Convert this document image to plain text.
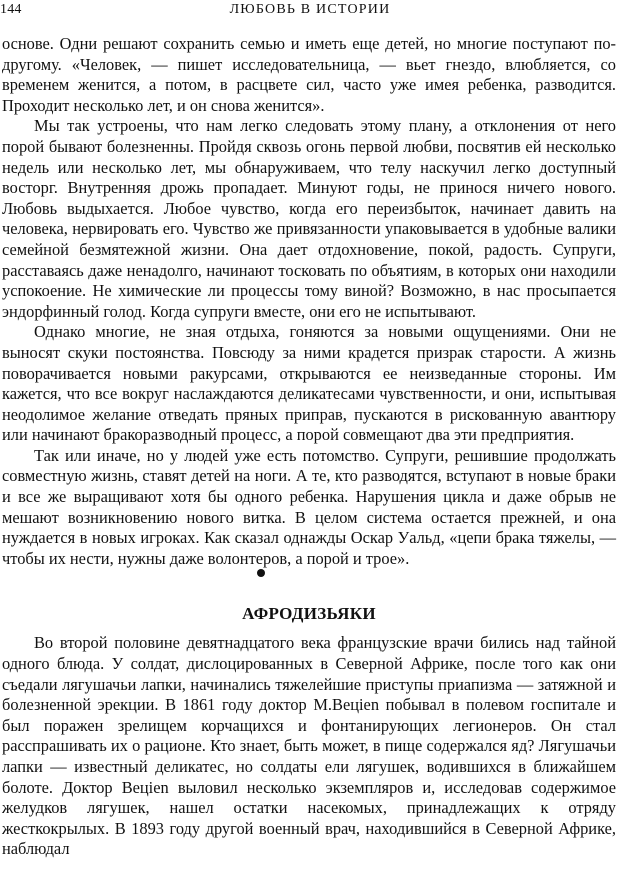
144	ЛЮБОВЬ В ИСТОРИИ

основе. Одни решают сохранить семью и иметь еще детей, но многие поступают по-другому. «Человек, — пишет исследовательница, — вьет гнездо, влюбляется, со временем женится, а потом, в расцвете сил, часто уже имея ребенка, разводится. Проходит несколько лет, и он снова женится».

Мы так устроены, что нам легко следовать этому плану, а отклонения от него порой бывают болезненны. Пройдя сквозь огонь первой любви, посвятив ей несколько недель или несколько лет, мы обнаруживаем, что телу наскучил легко доступный восторг. Внутренняя дрожь пропадает. Минуют годы, не принося ничего нового. Любовь выдыхается. Любое чувство, когда его переизбыток, начинает давить на человека, нервировать его. Чувство же привязанности упаковывается в удобные валики семейной безмятежной жизни. Она дает отдохновение, покой, радость. Супруги, расставаясь даже ненадолго, начинают тосковать по объятиям, в которых они находили успокоение. Не химические ли процессы тому виной? Возможно, в нас просыпается эндорфинный голод. Когда супруги вместе, они его не испытывают.

Однако многие, не зная отдыха, гоняются за новыми ощущениями. Они не выносят скуки постоянства. Повсюду за ними крадется призрак старости. А жизнь поворачивается новыми ракурсами, открываются ее неизведанные стороны. Им кажется, что все вокруг наслаждаются деликатесами чувственности, и они, испытывая неодолимое желание отведать пряных приправ, пускаются в рискованную авантюру или начинают бракоразводный процесс, а порой совмещают два эти предприятия.

Так или иначе, но у людей уже есть потомство. Супруги, решившие продолжать совместную жизнь, ставят детей на ноги. А те, кто разводятся, вступают в новые браки и все же выращивают хотя бы одного ребенка. Нарушения цикла и даже обрыв не мешают возникновению нового витка. В целом система остается прежней, и она нуждается в новых игроках. Как сказал однажды Оскар Уальд, «цепи брака тяжелы, — чтобы их нести, нужны даже волонтеров, а порой и трое».

АФРОДИЗЬЯКИ

Во второй половине девятнадцатого века французские врачи бились над тайной одного блюда. У солдат, дислоцированных в Северной Африке, после того как они съедали лягушачьи лапки, начинались тяжелейшие приступы приапизма — затяжной и болезненной эрекции. В 1861 году доктор М.Вецien побывал в полевом госпитале и был поражен зрелищем корчащихся и фонтанирующих легионеров. Он стал расспрашивать их о рационе. Кто знает, быть может, в пище содержался яд? Лягушачьи лапки — известный деликатес, но солдаты ели лягушек, водившихся в ближайшем болоте. Доктор Вецien выловил несколько экземпляров и, исследовав содержимое желудков лягушек, нашел остатки насекомых, принадлежащих к отряду жесткокрылых. В 1893 году другой военный врач, находившийся в Северной Африке, наблюдал
